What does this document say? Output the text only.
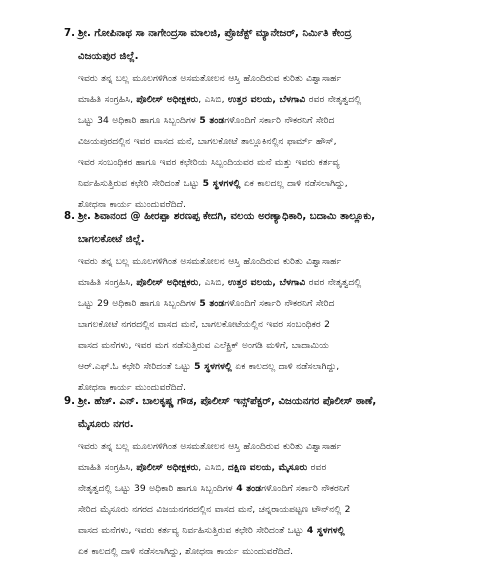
7. ಶ್ರೀ. ಗೋಪಿನಾಥ ಸಾ ನಾಗೇಂದ್ರಸಾ ಮಾಲಜಿ, ಪ್ರೊಜೆಕ್ಟ್ ಮ್ಯಾನೇಜರ್, ನಿರ್ಮಿತಿ ಕೇಂದ್ರ
ವಿಜಯಪುರ ಜಿಲ್ಲೆ.

ಇವರು ತನ್ನ ಬಲ್ಲ ಮೂಲಗಳಿಗಿಂತ ಅಸಮತೋಲನ ಆಸ್ತಿ ಹೊಂದಿರುವ ಕುರಿತು ವಿಶ್ವಾಸಾರ್ಹ
ಮಾಹಿತಿ ಸಂಗ್ರಹಿಸಿ, ಪೊಲೀಸ್ ಅಧೀಕ್ಷಕರು, ಎಸಿಬಿ, ಉತ್ತರ ವಲಯ, ಬೆಳಗಾವಿ ರವರ ನೇತೃತ್ವದಲ್ಲಿ
ಒಟ್ಟು 34 ಅಧಿಕಾರಿ ಹಾಗೂ ಸಿಬ್ಬಂದಿಗಳ 5 ತಂಡಗಳೊಂದಿಗೆ ಸರ್ಕಾರಿ ನೌಕರನಿಗೆ ಸೇರಿದ
ವಿಜಯಪುರದಲ್ಲಿನ ಇವರ ವಾಸದ ಮನೆ, ಬಾಗಲಕೋಟೆ ತಾಲ್ಲೂಕಿನಲ್ಲಿನ ಫಾರ್ಮ್ ಹೌಸ್,
ಇವರ ಸಂಬಂಧಿಕರ ಹಾಗೂ ಇವರ ಕಛೇರಿಯ ಸಿಬ್ಬಂದಿಯವರ ಮನೆ ಮತ್ತು ಇವರು ಕರ್ತವ್ಯ
ನಿರ್ವಹಿಸುತ್ತಿರುವ ಕಛೇರಿ ಸೇರಿದಂತೆ ಒಟ್ಟು 5 ಸ್ಥಳಗಳಲ್ಲಿ ಏಕ ಕಾಲದಲ್ಲ ದಾಳಿ ನಡೆಸಲಾಗಿದ್ದು,
ಶೋಧನಾ ಕಾರ್ಯ ಮುಂದುವರೆದಿದೆ.

8. ಶ್ರೀ. ಶಿವಾನಂದ @ ಹೀರಪ್ಪಾ ಶರಣಪ್ಪ ಕೇದಗಿ, ವಲಯ ಅರಣ್ಯಾಧಿಕಾರಿ, ಬದಾಮಿ ತಾಲ್ಲೂಕು,
ಬಾಗಲಕೋಟೆ ಜಿಲ್ಲೆ.

ಇವರು ತನ್ನ ಬಲ್ಲ ಮೂಲಗಳಿಗಿಂತ ಅಸಮತೋಲನ ಆಸ್ತಿ ಹೊಂದಿರುವ ಕುರಿತು ವಿಶ್ವಾಸಾರ್ಹ
ಮಾಹಿತಿ ಸಂಗ್ರಹಿಸಿ, ಪೊಲೀಸ್ ಅಧೀಕ್ಷಕರು, ಎಸಿಬಿ, ಉತ್ತರ ವಲಯ, ಬೆಳಗಾವಿ ರವರ ನೇತೃತ್ವದಲ್ಲಿ
ಒಟ್ಟು 29 ಅಧಿಕಾರಿ ಹಾಗೂ ಸಿಬ್ಬಂದಿಗಳ 5 ತಂಡಗಳೊಂದಿಗೆ ಸರ್ಕಾರಿ ನೌಕರನಿಗೆ ಸೇರಿದ
ಬಾಗಲಕೋಟೆ ನಗರದಲ್ಲಿನ ವಾಸದ ಮನೆ, ಬಾಗಲಕೋಟೆಯಲ್ಲಿನ ಇವರ ಸಂಬಂಧಿಕರ 2
ವಾಸದ ಮನೆಗಳು, ಇವರ ಮಗ ನಡೆಸುತ್ತಿರುವ ಎಲೆಕ್ಟ್ರಿಕ್ ಅಂಗಡಿ ಮಳಿಗೆ, ಬಾದಾಮಿಯ
ಆರ್.ಎಫ್.ಓ ಕಛೇರಿ ಸೇರಿದಂತೆ ಒಟ್ಟು 5 ಸ್ಥಳಗಳಲ್ಲಿ ಏಕ ಕಾಲದಲ್ಲ ದಾಳಿ ನಡೆಸಲಾಗಿದ್ದು,
ಶೋಧನಾ ಕಾರ್ಯ ಮುಂದುವರೆದಿದೆ.

9. ಶ್ರೀ. ಹೆಚ್. ಎನ್. ಬಾಲಕೃಷ್ಣ ಗೌಡ, ಪೊಲೀಸ್ ಇನ್ಸ್‌ಪೆಕ್ಟರ್, ವಿಜಯನಗರ ಪೊಲೀಸ್ ಠಾಣೆ,
ಮೈಸೂರು ನಗರ.

ಇವರು ತನ್ನ ಬಲ್ಲ ಮೂಲಗಳಿಗಿಂತ ಅಸಮತೋಲನ ಆಸ್ತಿ ಹೊಂದಿರುವ ಕುರಿತು ವಿಶ್ವಾಸಾರ್ಹ
ಮಾಹಿತಿ ಸಂಗ್ರಹಿಸಿ, ಪೊಲೀಸ್ ಅಧೀಕ್ಷಕರು, ಎಸಿಬಿ, ದಕ್ಷಿಣ ವಲಯ, ಮೈಸೂರು ರವರ
ನೇತೃತ್ವದಲ್ಲಿ ಒಟ್ಟು 39 ಅಧಿಕಾರಿ ಹಾಗೂ ಸಿಬ್ಬಂದಿಗಳ 4 ತಂಡಗಳೊಂದಿಗೆ ಸರ್ಕಾರಿ ನೌಕರನಿಗೆ
ಸೇರಿದ ಮೈಸೂರು ನಗರದ ವಿಜಯನಗರದಲ್ಲಿನ ವಾಸದ ಮನೆ, ಚನ್ನರಾಯಪಟ್ಟಣ ಟೌನ್‌ನಲ್ಲಿ 2
ವಾಸದ ಮನೆಗಳು, ಇವರು ಕರ್ತವ್ಯ ನಿರ್ವಹಿಸುತ್ತಿರುವ ಕಛೇರಿ ಸೇರಿದಂತೆ ಒಟ್ಟು 4 ಸ್ಥಳಗಳಲ್ಲಿ
ಏಕ ಕಾಲದಲ್ಲಿ ದಾಳಿ ನಡೆಸಲಾಗಿದ್ದು, ಶೋಧನಾ ಕಾರ್ಯ ಮುಂದುವರೆದಿದೆ.
